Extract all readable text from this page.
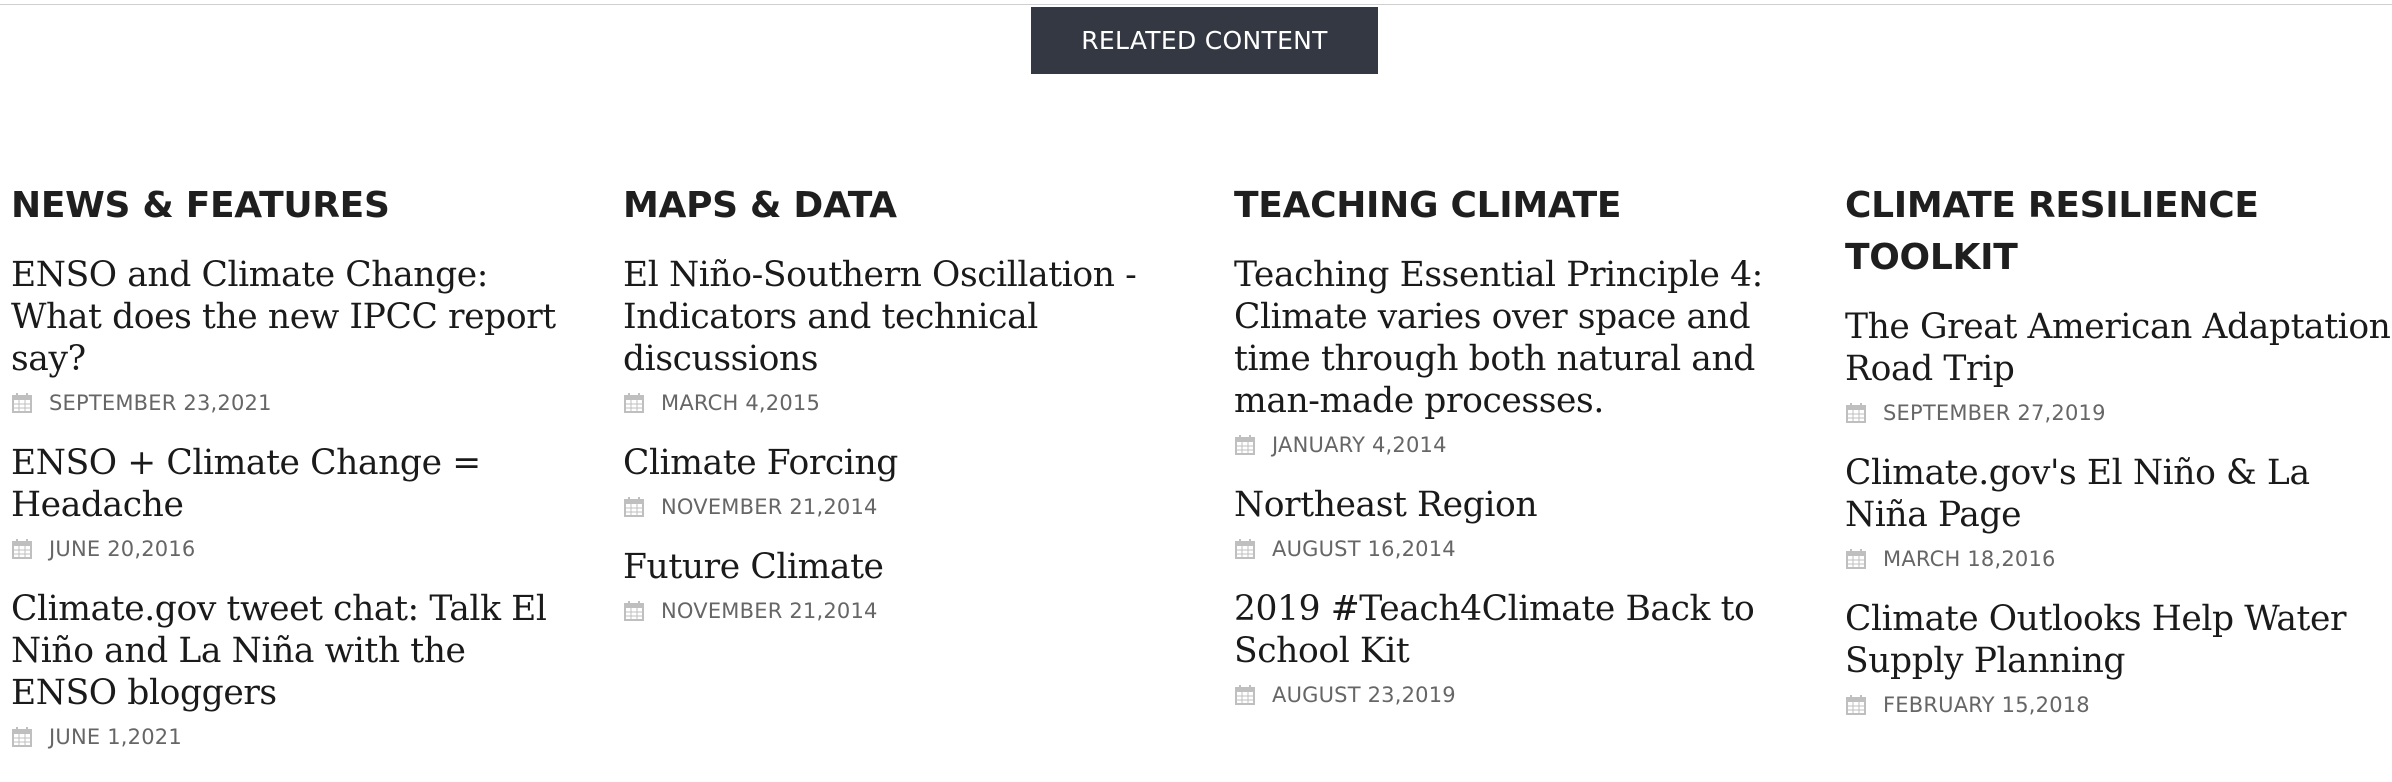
RELATED CONTENT
NEWS & FEATURES
ENSO and Climate Change: What does the new IPCC report say?
SEPTEMBER 23,2021
ENSO + Climate Change = Headache
JUNE 20,2016
Climate.gov tweet chat: Talk El Niño and La Niña with the ENSO bloggers
JUNE 1,2021
MAPS & DATA
El Niño-Southern Oscillation - Indicators and technical discussions
MARCH 4,2015
Climate Forcing
NOVEMBER 21,2014
Future Climate
NOVEMBER 21,2014
TEACHING CLIMATE
Teaching Essential Principle 4: Climate varies over space and time through both natural and man-made processes.
JANUARY 4,2014
Northeast Region
AUGUST 16,2014
2019 #Teach4Climate Back to School Kit
AUGUST 23,2019
CLIMATE RESILIENCE TOOLKIT
The Great American Adaptation Road Trip
SEPTEMBER 27,2019
Climate.gov's El Niño & La Niña Page
MARCH 18,2016
Climate Outlooks Help Water Supply Planning
FEBRUARY 15,2018
